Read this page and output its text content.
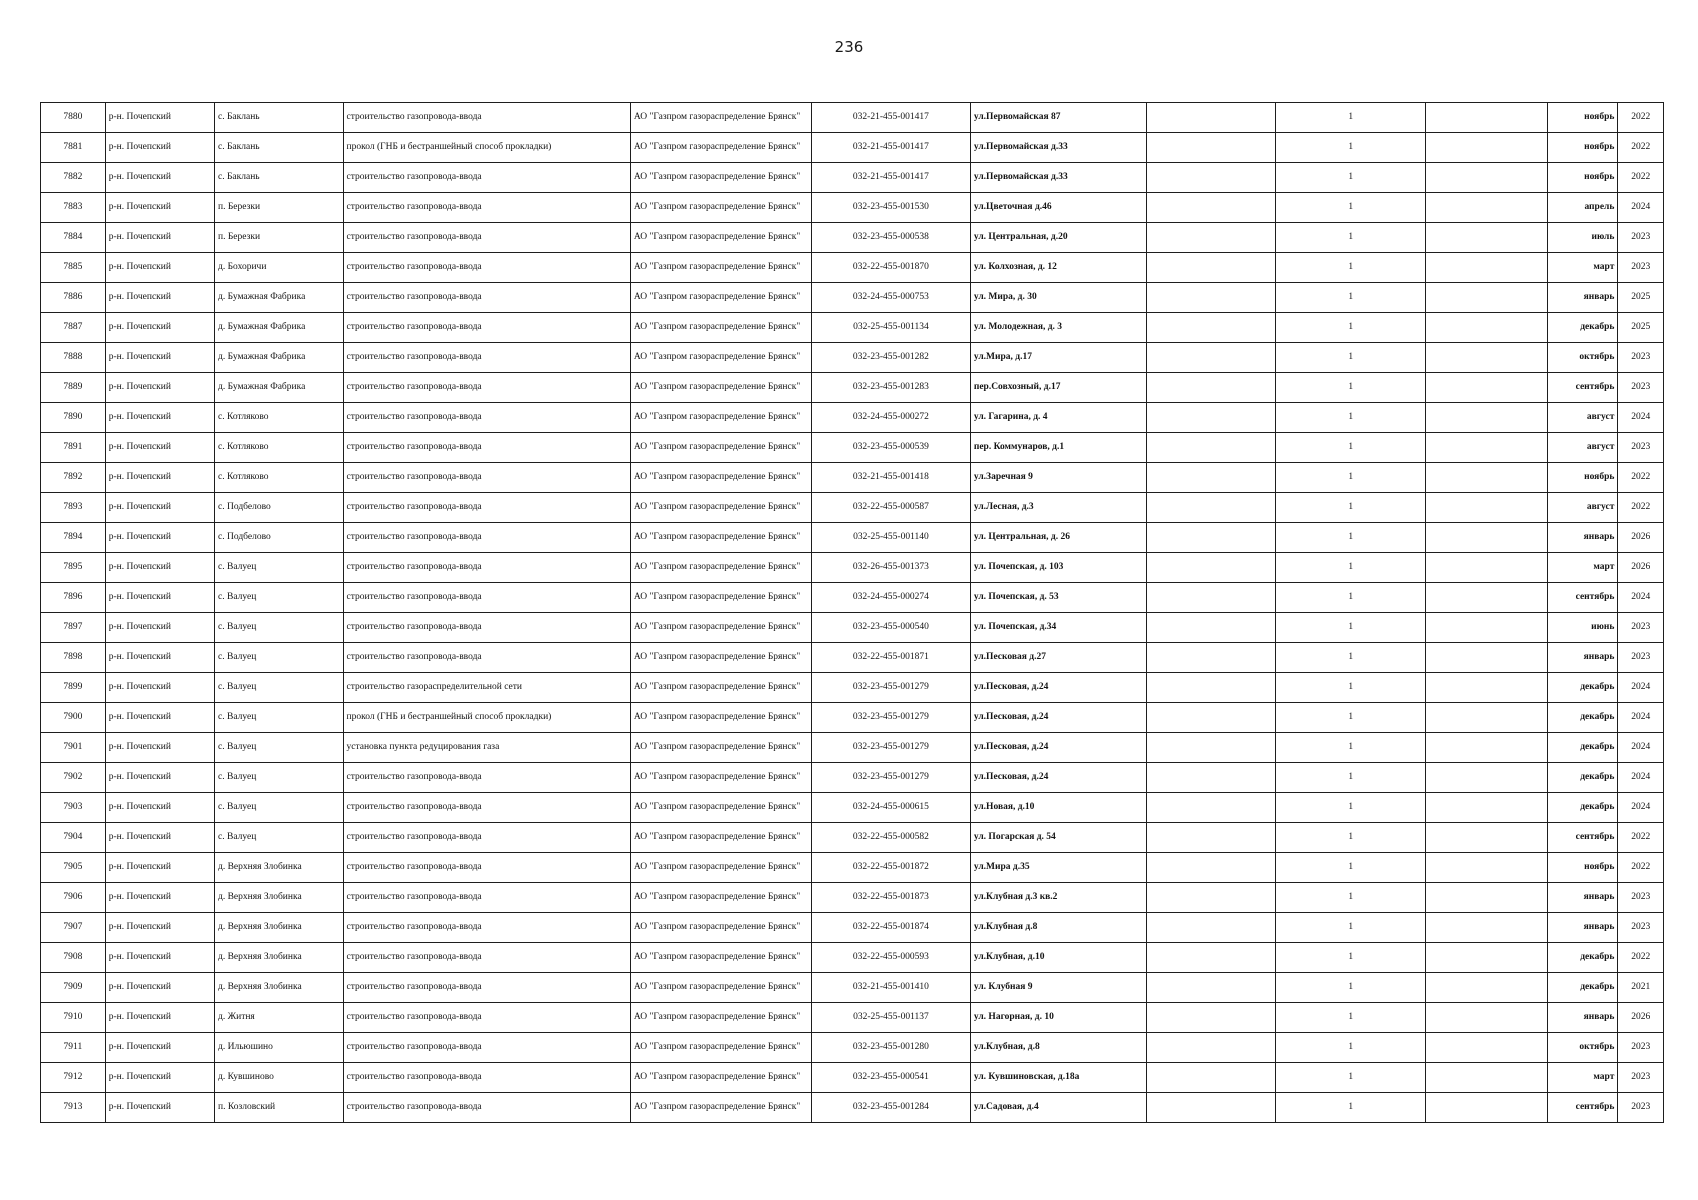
236
7880	р-н. Почепский	с. Баклань	строительство газопровода-ввода	АО "Газпром газораспределение Брянск"	032-21-455-001417	ул.Первомайская 87		1		ноябрь	2022
7881	р-н. Почепский	с. Баклань	прокол (ГНБ и бестраншейный способ прокладки)	АО "Газпром газораспределение Брянск"	032-21-455-001417	ул.Первомайская д.33		1		ноябрь	2022
7882	р-н. Почепский	с. Баклань	строительство газопровода-ввода	АО "Газпром газораспределение Брянск"	032-21-455-001417	ул.Первомайская д.33		1		ноябрь	2022
7883	р-н. Почепский	п. Березки	строительство газопровода-ввода	АО "Газпром газораспределение Брянск"	032-23-455-001530	ул.Цветочная д.46		1		апрель	2024
7884	р-н. Почепский	п. Березки	строительство газопровода-ввода	АО "Газпром газораспределение Брянск"	032-23-455-000538	ул. Центральная, д.20		1		июль	2023
7885	р-н. Почепский	д. Бохоричи	строительство газопровода-ввода	АО "Газпром газораспределение Брянск"	032-22-455-001870	ул. Колхозная, д. 12		1		март	2023
7886	р-н. Почепский	д. Бумажная Фабрика	строительство газопровода-ввода	АО "Газпром газораспределение Брянск"	032-24-455-000753	ул. Мира, д. 30		1		январь	2025
7887	р-н. Почепский	д. Бумажная Фабрика	строительство газопровода-ввода	АО "Газпром газораспределение Брянск"	032-25-455-001134	ул. Молодежная, д. 3		1		декабрь	2025
7888	р-н. Почепский	д. Бумажная Фабрика	строительство газопровода-ввода	АО "Газпром газораспределение Брянск"	032-23-455-001282	ул.Мира, д.17		1		октябрь	2023
7889	р-н. Почепский	д. Бумажная Фабрика	строительство газопровода-ввода	АО "Газпром газораспределение Брянск"	032-23-455-001283	пер.Совхозный, д.17		1		сентябрь	2023
7890	р-н. Почепский	с. Котляково	строительство газопровода-ввода	АО "Газпром газораспределение Брянск"	032-24-455-000272	ул. Гагарина, д. 4		1		август	2024
7891	р-н. Почепский	с. Котляково	строительство газопровода-ввода	АО "Газпром газораспределение Брянск"	032-23-455-000539	пер. Коммунаров, д.1		1		август	2023
7892	р-н. Почепский	с. Котляково	строительство газопровода-ввода	АО "Газпром газораспределение Брянск"	032-21-455-001418	ул.Заречная 9		1		ноябрь	2022
7893	р-н. Почепский	с. Подбелово	строительство газопровода-ввода	АО "Газпром газораспределение Брянск"	032-22-455-000587	ул.Лесная, д.3		1		август	2022
7894	р-н. Почепский	с. Подбелово	строительство газопровода-ввода	АО "Газпром газораспределение Брянск"	032-25-455-001140	ул. Центральная, д. 26		1		январь	2026
7895	р-н. Почепский	с. Валуец	строительство газопровода-ввода	АО "Газпром газораспределение Брянск"	032-26-455-001373	ул. Почепская, д. 103		1		март	2026
7896	р-н. Почепский	с. Валуец	строительство газопровода-ввода	АО "Газпром газораспределение Брянск"	032-24-455-000274	ул. Почепская, д. 53		1		сентябрь	2024
7897	р-н. Почепский	с. Валуец	строительство газопровода-ввода	АО "Газпром газораспределение Брянск"	032-23-455-000540	ул. Почепская, д.34		1		июнь	2023
7898	р-н. Почепский	с. Валуец	строительство газопровода-ввода	АО "Газпром газораспределение Брянск"	032-22-455-001871	ул.Песковая д.27		1		январь	2023
7899	р-н. Почепский	с. Валуец	строительство газораспределительной сети	АО "Газпром газораспределение Брянск"	032-23-455-001279	ул.Песковая, д.24		1		декабрь	2024
7900	р-н. Почепский	с. Валуец	прокол (ГНБ и бестраншейный способ прокладки)	АО "Газпром газораспределение Брянск"	032-23-455-001279	ул.Песковая, д.24		1		декабрь	2024
7901	р-н. Почепский	с. Валуец	установка пункта редуцирования газа	АО "Газпром газораспределение Брянск"	032-23-455-001279	ул.Песковая, д.24		1		декабрь	2024
7902	р-н. Почепский	с. Валуец	строительство газопровода-ввода	АО "Газпром газораспределение Брянск"	032-23-455-001279	ул.Песковая, д.24		1		декабрь	2024
7903	р-н. Почепский	с. Валуец	строительство газопровода-ввода	АО "Газпром газораспределение Брянск"	032-24-455-000615	ул.Новая, д.10		1		декабрь	2024
7904	р-н. Почепский	с. Валуец	строительство газопровода-ввода	АО "Газпром газораспределение Брянск"	032-22-455-000582	ул. Погарская д. 54		1		сентябрь	2022
7905	р-н. Почепский	д. Верхняя Злобинка	строительство газопровода-ввода	АО "Газпром газораспределение Брянск"	032-22-455-001872	ул.Мира д.35		1		ноябрь	2022
7906	р-н. Почепский	д. Верхняя Злобинка	строительство газопровода-ввода	АО "Газпром газораспределение Брянск"	032-22-455-001873	ул.Клубная д.3 кв.2		1		январь	2023
7907	р-н. Почепский	д. Верхняя Злобинка	строительство газопровода-ввода	АО "Газпром газораспределение Брянск"	032-22-455-001874	ул.Клубная д.8		1		январь	2023
7908	р-н. Почепский	д. Верхняя Злобинка	строительство газопровода-ввода	АО "Газпром газораспределение Брянск"	032-22-455-000593	ул.Клубная, д.10		1		декабрь	2022
7909	р-н. Почепский	д. Верхняя Злобинка	строительство газопровода-ввода	АО "Газпром газораспределение Брянск"	032-21-455-001410	ул. Клубная 9		1		декабрь	2021
7910	р-н. Почепский	д. Житня	строительство газопровода-ввода	АО "Газпром газораспределение Брянск"	032-25-455-001137	ул. Нагорная, д. 10		1		январь	2026
7911	р-н. Почепский	д. Ильюшино	строительство газопровода-ввода	АО "Газпром газораспределение Брянск"	032-23-455-001280	ул.Клубная, д.8		1		октябрь	2023
7912	р-н. Почепский	д. Кувшиново	строительство газопровода-ввода	АО "Газпром газораспределение Брянск"	032-23-455-000541	ул. Кувшиновская, д.18а		1		март	2023
7913	р-н. Почепский	п. Козловский	строительство газопровода-ввода	АО "Газпром газораспределение Брянск"	032-23-455-001284	ул.Садовая, д.4		1		сентябрь	2023
